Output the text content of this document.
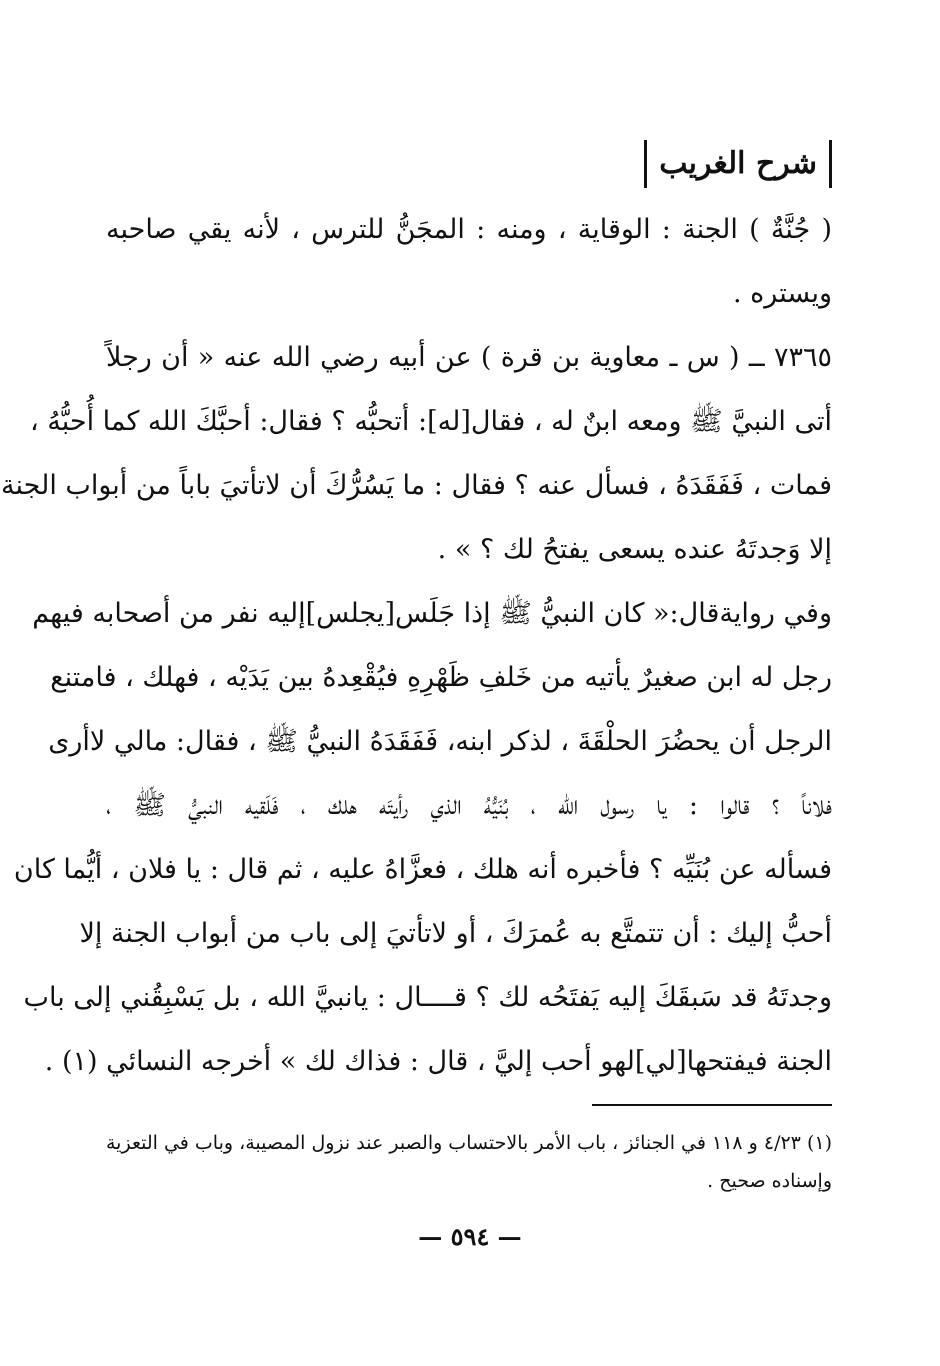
شرح الغريب
( جُنَّةٌ ) الجنة : الوقاية ، ومنه : المجَنُّ للترس ، لأنه يقي صاحبه
ويستره .
٧٣٦٥ ــ ( س ـ معاوية بن قرة ) عن أبيه رضي الله عنه « أن رجلاً
أتى النبيَّ ﷺ ومعه ابنٌ له ، فقال[له]: أتحبُّه ؟ فقال: أحبَّكَ الله كما أُحبُّهُ ،
فمات ، فَفَقَدَهُ ، فسأل عنه ؟ فقال : ما يَسُرُّكَ أن لاتأتيَ باباً من أبواب الجنة
إلا وَجدتَهُ عنده يسعى يفتحُ لك ؟ » .
وفي روايةقال:« كان النبيُّ ﷺ إذا جَلَس[يجلس]إليه نفر من أصحابه فيهم
رجل له ابن صغيرٌ يأتيه من خَلفِ ظَهْرِهِ فيُقْعِدهُ بين يَدَيْه ، فهلك ، فامتنع
الرجل أن يحضُرَ الحلْقَةَ ، لذكر ابنه، فَفَقَدَهُ النبيُّ ﷺ ، فقال: مالي لاأرى
فلاناً ؟ قالوا : يا رسول الله ، بُنَيُّهُ الذي رأيتَه هلك ، فَلَقيه النبيُّ ﷺ ،
فسأله عن بُنَيِّه ؟ فأخبره أنه هلك ، فعزَّاهُ عليه ، ثم قال : يا فلان ، أيُّما كان
أحبُّ إليك : أن تتمتَّع به عُمرَكَ ، أو لاتأتيَ إلى باب من أبواب الجنة إلا
وجدتَهُ قد سَبقَكَ إليه يَفتَحُه لك ؟ قــــال : يانبيَّ الله ، بل يَسْبِقُني إلى باب
الجنة فيفتحها[لي]لهو أحب إليَّ ، قال : فذاك لك » أخرجه النسائي (١) .
(١) ٤/٢٣ و ١١٨ في الجنائز ، باب الأمر بالاحتساب والصبر عند نزول المصيبة، وباب في التعزية
وإسناده صحيح .
— ٥٩٤ —
